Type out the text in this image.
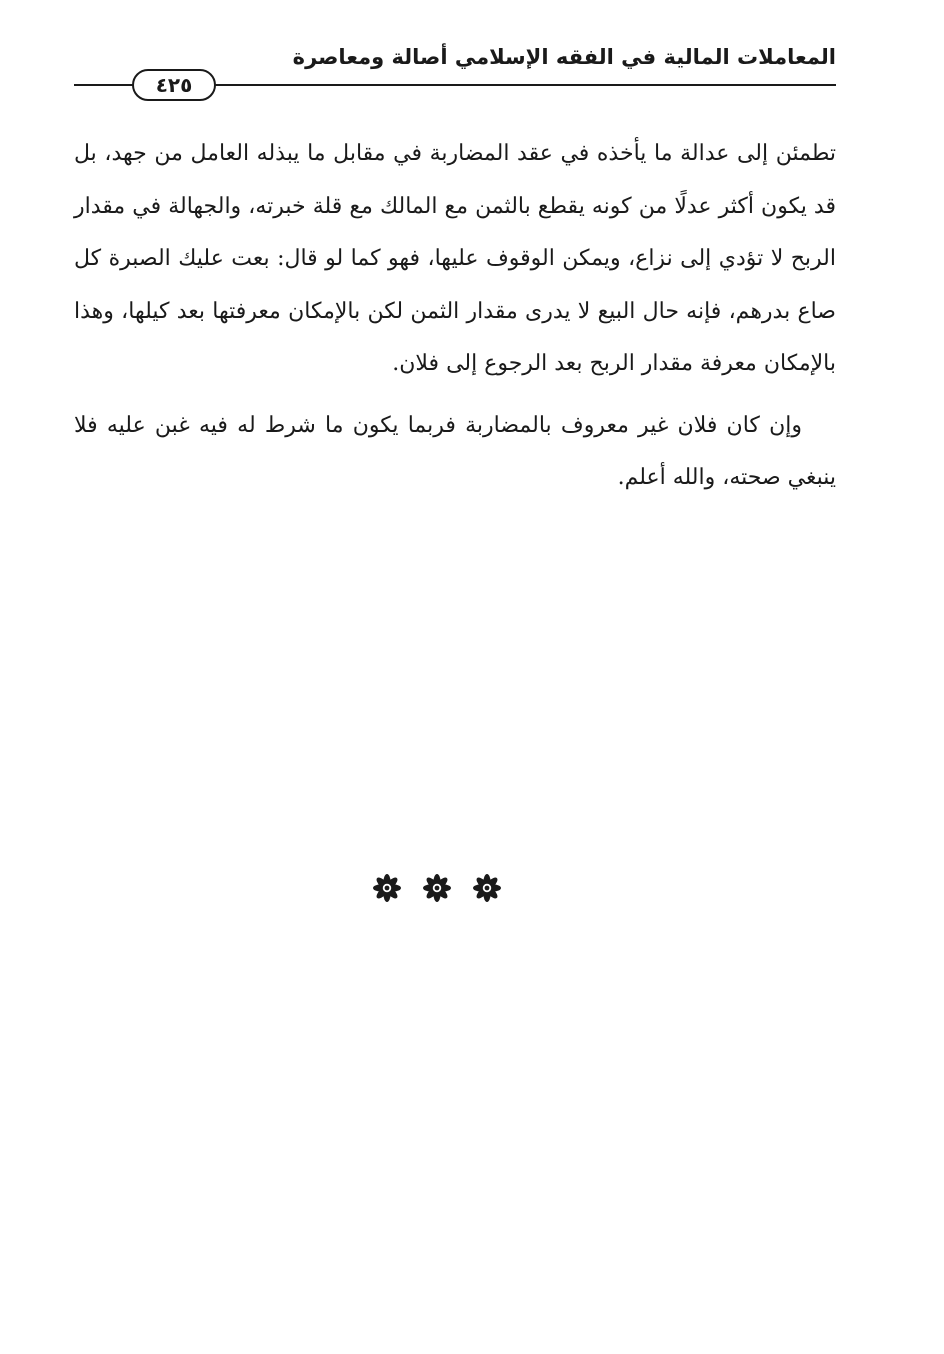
المعاملات المالية في الفقه الإسلامي أصالة ومعاصرة
٤٢٥

تطمئن إلى عدالة ما يأخذه في عقد المضاربة في مقابل ما يبذله العامل من جهد، بل قد يكون أكثر عدلًا من كونه يقطع بالثمن مع المالك مع قلة خبرته، والجهالة في مقدار الربح لا تؤدي إلى نزاع، ويمكن الوقوف عليها، فهو كما لو قال: بعت عليك الصبرة كل صاع بدرهم، فإنه حال البيع لا يدرى مقدار الثمن لكن بالإمكان معرفتها بعد كيلها، وهذا بالإمكان معرفة مقدار الربح بعد الرجوع إلى فلان.

وإن كان فلان غير معروف بالمضاربة فربما يكون ما شرط له فيه غبن عليه فلا ينبغي صحته، والله أعلم.
